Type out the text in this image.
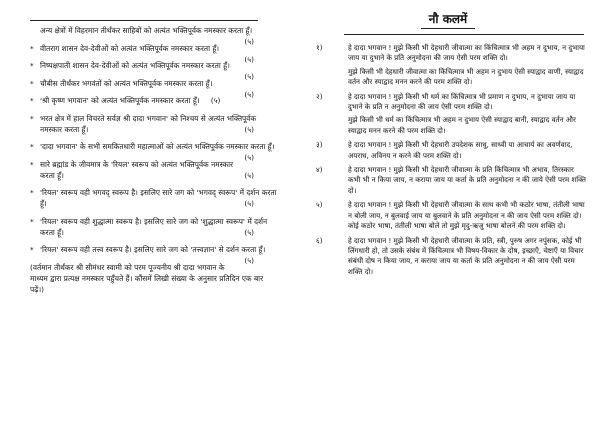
अन्य क्षेत्रों में विहरमान तीर्थंकर साहिबों को अत्यंत भक्तिपूर्वक नमस्कार करता हूँ।
(५)
* वीतराग शासन देव-देवीओं को अत्यंत भक्तिपूर्वक नमस्कार करता हूँ।
(५)
* निष्पक्षपाती शासन देव-देवीओं को अत्यंत भक्तिपूर्वक नमस्कार करता हूँ।
(५)
* चौबीस तीर्थंकर भगवंतों को अत्यंत भक्तिपूर्वक नमस्कार करता हूँ।
(५)
* 'श्री कृष्ण भगवान' को अत्यंत भक्तिपूर्वक नमस्कार करता हूँ। (५)
* भरत क्षेत्र में हाल विचरते सर्वज्ञ श्री दादा भगवान' को निश्चय से अत्यंत भक्तिपूर्वक नमस्कार करता हूँ।	(५)
* 'दादा भगवान' के सभी समकितधारी महात्माओं को अत्यंत भक्तिपूर्वक नमस्कार करता हूँ।
(५)
* सारे ब्रह्मांड के जीवमात्र के 'रियल' स्वरूप को अत्यंत भक्तिपूर्वक नमस्कार करता हूँ।	(५)
* 'रियल' स्वरूप वही भगवद् स्वरूप है। इसलिए सारे जग को 'भगवद् स्वरूप' में दर्शन करता हूँ।	(५)
* 'रियल' स्वरूप वही शुद्धात्मा स्वरूप है। इसलिए सारे जग को 'शुद्धात्मा स्वरूप' में दर्शन करता हूँ।	(५)
* 'रियल' स्वरूप वही तत्त्व स्वरूप है। इसलिए सारे जग को 'तत्त्वज्ञान' से दर्शन करता हूँ।
(५)
(वर्तमान तीर्थंकर श्री सीमंधर स्वामी को परम पूज्यनीय श्री दादा भगवान के माध्यम द्वारा प्रत्यक्ष नमस्कार पहुँचते हैं। कौंसमें लिखी संख्या के अनुसार प्रतिदिन एक बार पढ़ें।)
नौ कलमें
१)	हे दादा भगवान ! मुझे किसी भी देहधारी जीवात्मा का किंचित्मात्र भी अहम न दुभाय, न दुभाया जाय या दुभाने के प्रति अनुमोदना की जाय ऐसी परम शक्ति दो।
मुझे किसी भी देहधारी जीवात्मा का किंचित्मात्र भी अहम न दुभाय ऐसी स्याद्वाद वाणी, स्याद्वाद वर्तन और स्याद्वाद मनन करने की परम शक्ति दो।
२)	हे दादा भगवान ! मुझे किसी भी धर्म का किंचित्मात्र भी प्रमाण न दुभाय, न दुभाया जाय या दुभाने के प्रति न अनुमोदना की जाय ऐसी परम शक्ति दो।
मुझे किसी भी धर्म का किंचित्मात्र भी अहम न दुभाय ऐसी स्याद्वाद बानी, स्याद्वाद वर्तन और स्याद्वाद मनन करने की परम शक्ति दो।
३)	हे दादा भगवान ! मुझे किसी भी देहधारी उपदेशक साधु, साध्वी या आचार्य का अवर्णवाद, अपराध, अविनय न करने की परम शक्ति दो।
४)	हे दादा भगवान ! मुझे किसी भी देहधारी जीवात्मा के प्रति किंचित्मात्र भी अभाव, तिरस्कार कभी भी न किया जाय, न कराया जाय या कर्ता के प्रति अनुमोदना न की जाये ऐसी परम शक्ति दो।
५)	हे दादा भगवान ! मुझे किसी भी देहधारी जीवात्मा के साथ कभी भी कठोर भाषा, तंतीली भाषा न बोली जाय, न बुलवाई जाय या बुलवाने के प्रति अनुमोदना न की जाय ऐसी परम शक्ति दो। कोई कठोर भाषा, तंतीली भाषा बोले तो मुझे मृदु-ऋजु भाषा बोलने की परम शक्ति दो।
६)	हे दादा भगवान ! मुझे किसी भी देहधारी जीवात्मा के प्रति, स्त्री, पुरुष अगर नपुंसक, कोई भी लिंगधारी हो, तो उसके संबंध में किंचित्मात्र भी विषय-विकार के दोष, इच्छाएँ, चेष्टाएँ या विचार संबंधी दोष न किया जाय, न कराया जाय या कर्ता के प्रति अनुमोदना न की जाय ऐसी परम शक्ति दो।
